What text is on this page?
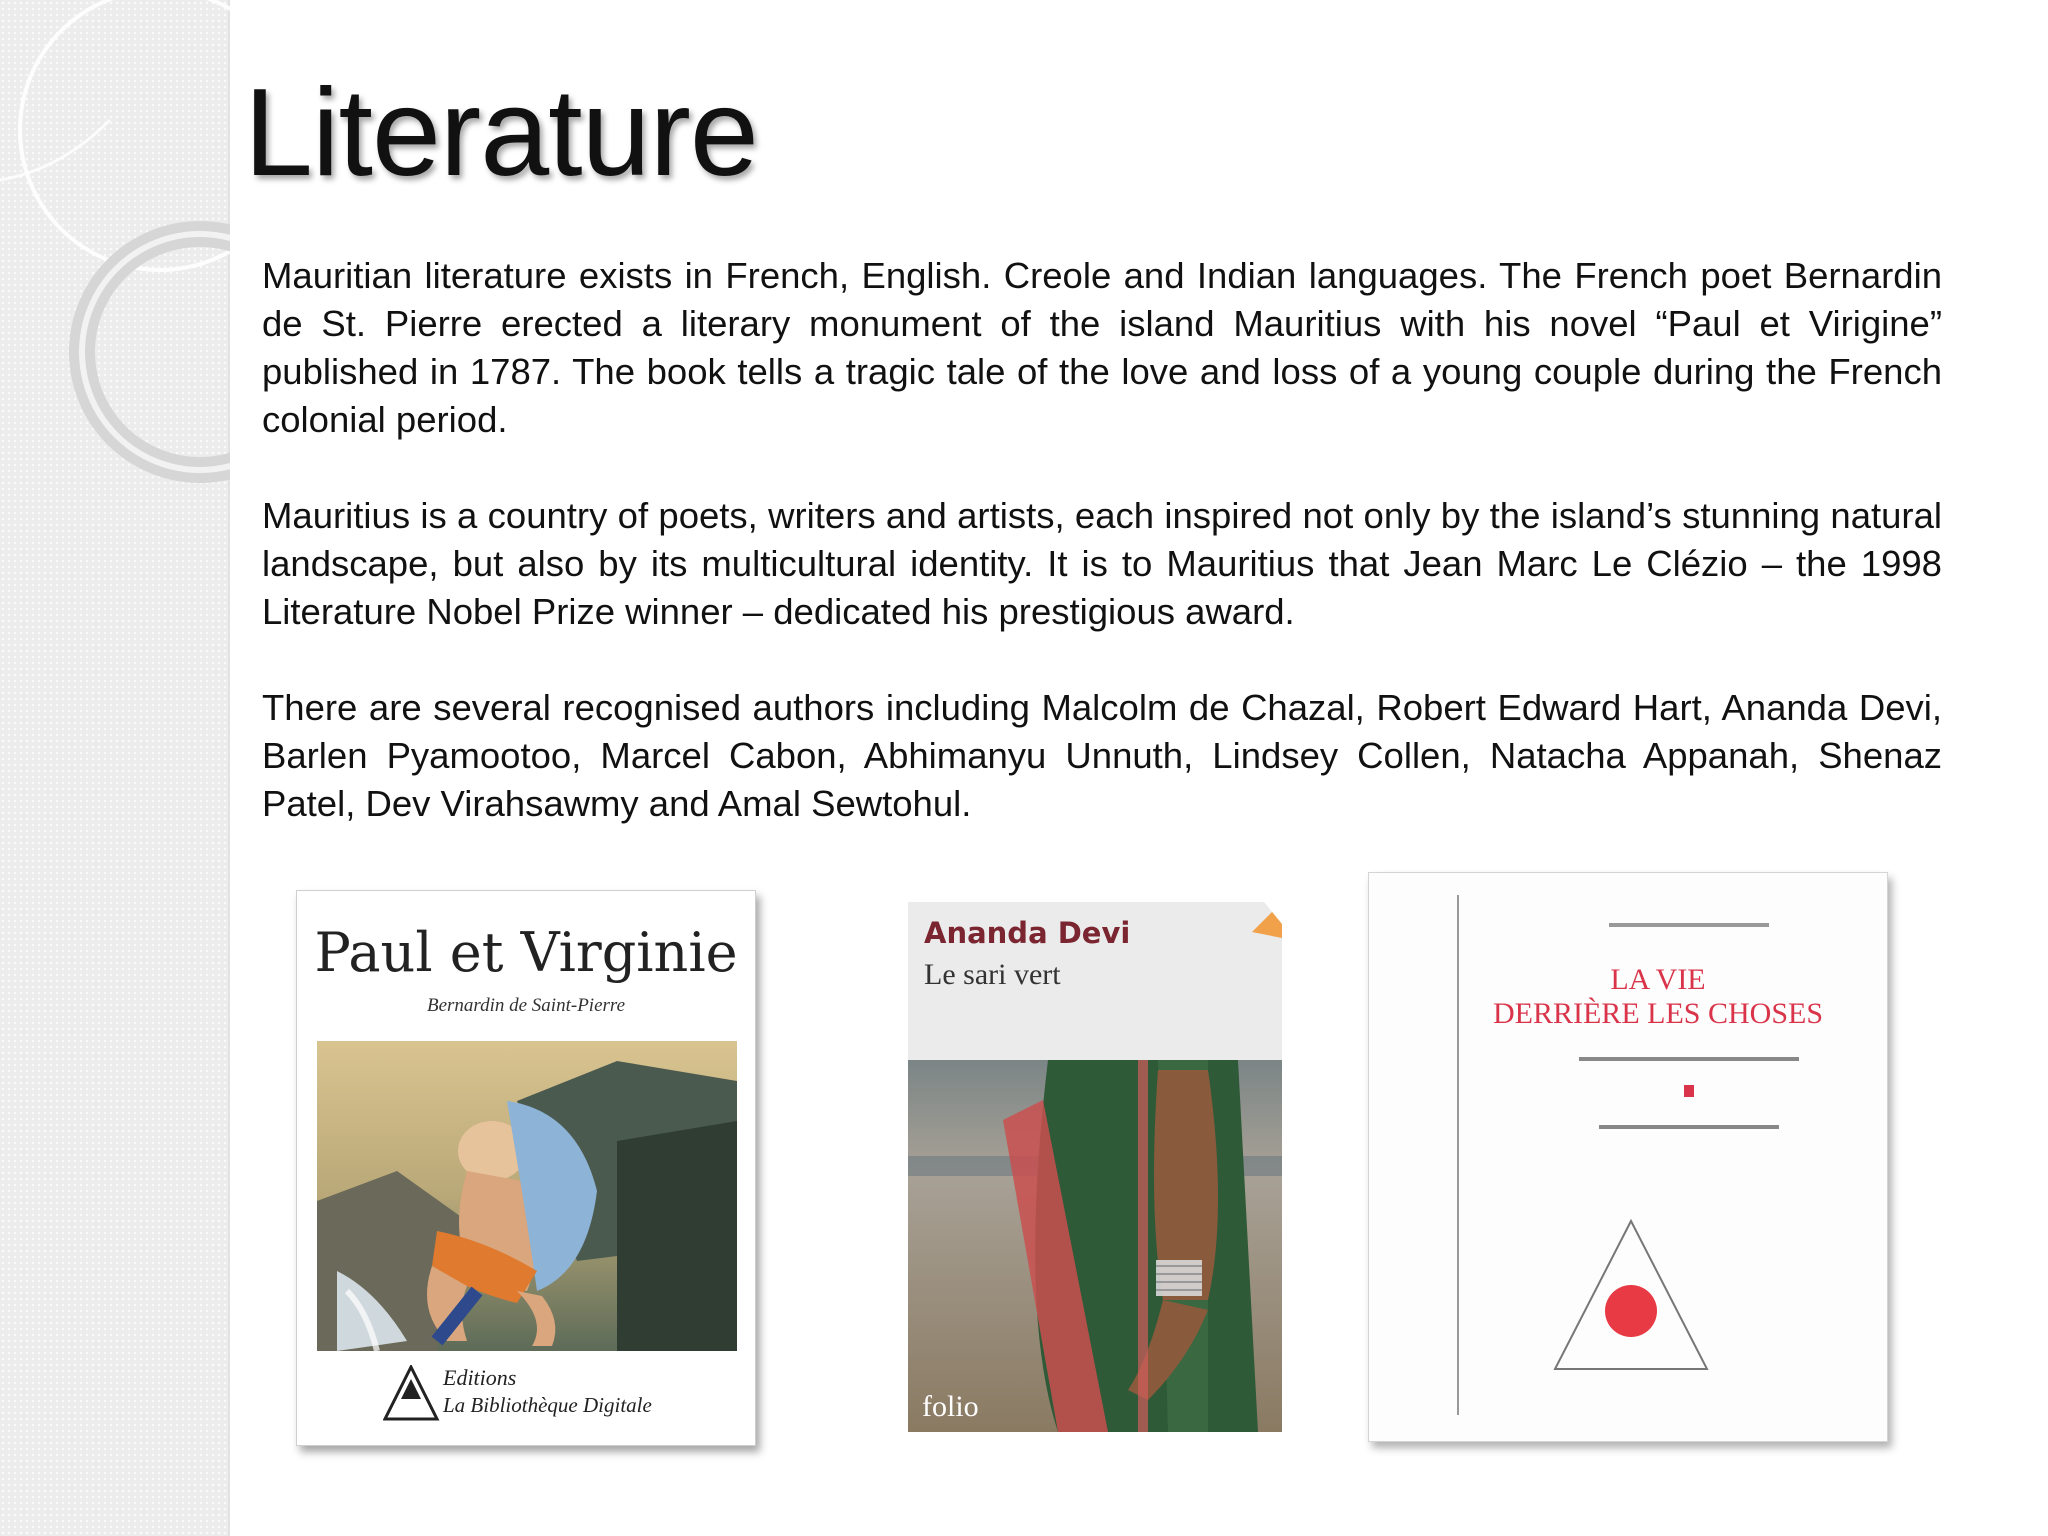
Literature

Mauritian literature exists in French, English. Creole and Indian languages. The French poet Bernardin de St. Pierre erected a literary monument of the island Mauritius with his novel “Paul et Virigine” published in 1787. The book tells a tragic tale of the love and loss of a young couple during the French colonial period.

Mauritius is a country of poets, writers and artists, each inspired not only by the island’s stunning natural landscape, but also by its multicultural identity. It is to Mauritius that Jean Marc Le Clézio – the 1998 Literature Nobel Prize winner – dedicated his prestigious award.

There are several recognised authors including Malcolm de Chazal, Robert Edward Hart, Ananda Devi, Barlen Pyamootoo, Marcel Cabon, Abhimanyu Unnuth, Lindsey Collen, Natacha Appanah, Shenaz Patel, Dev Virahsawmy and Amal Sewtohul.

Paul et Virginie
Bernardin de Saint-Pierre
Editions
La Bibliothèque Digitale
Ananda Devi
Le sari vert
folio
LA VIE
DERRIÈRE LES CHOSES
